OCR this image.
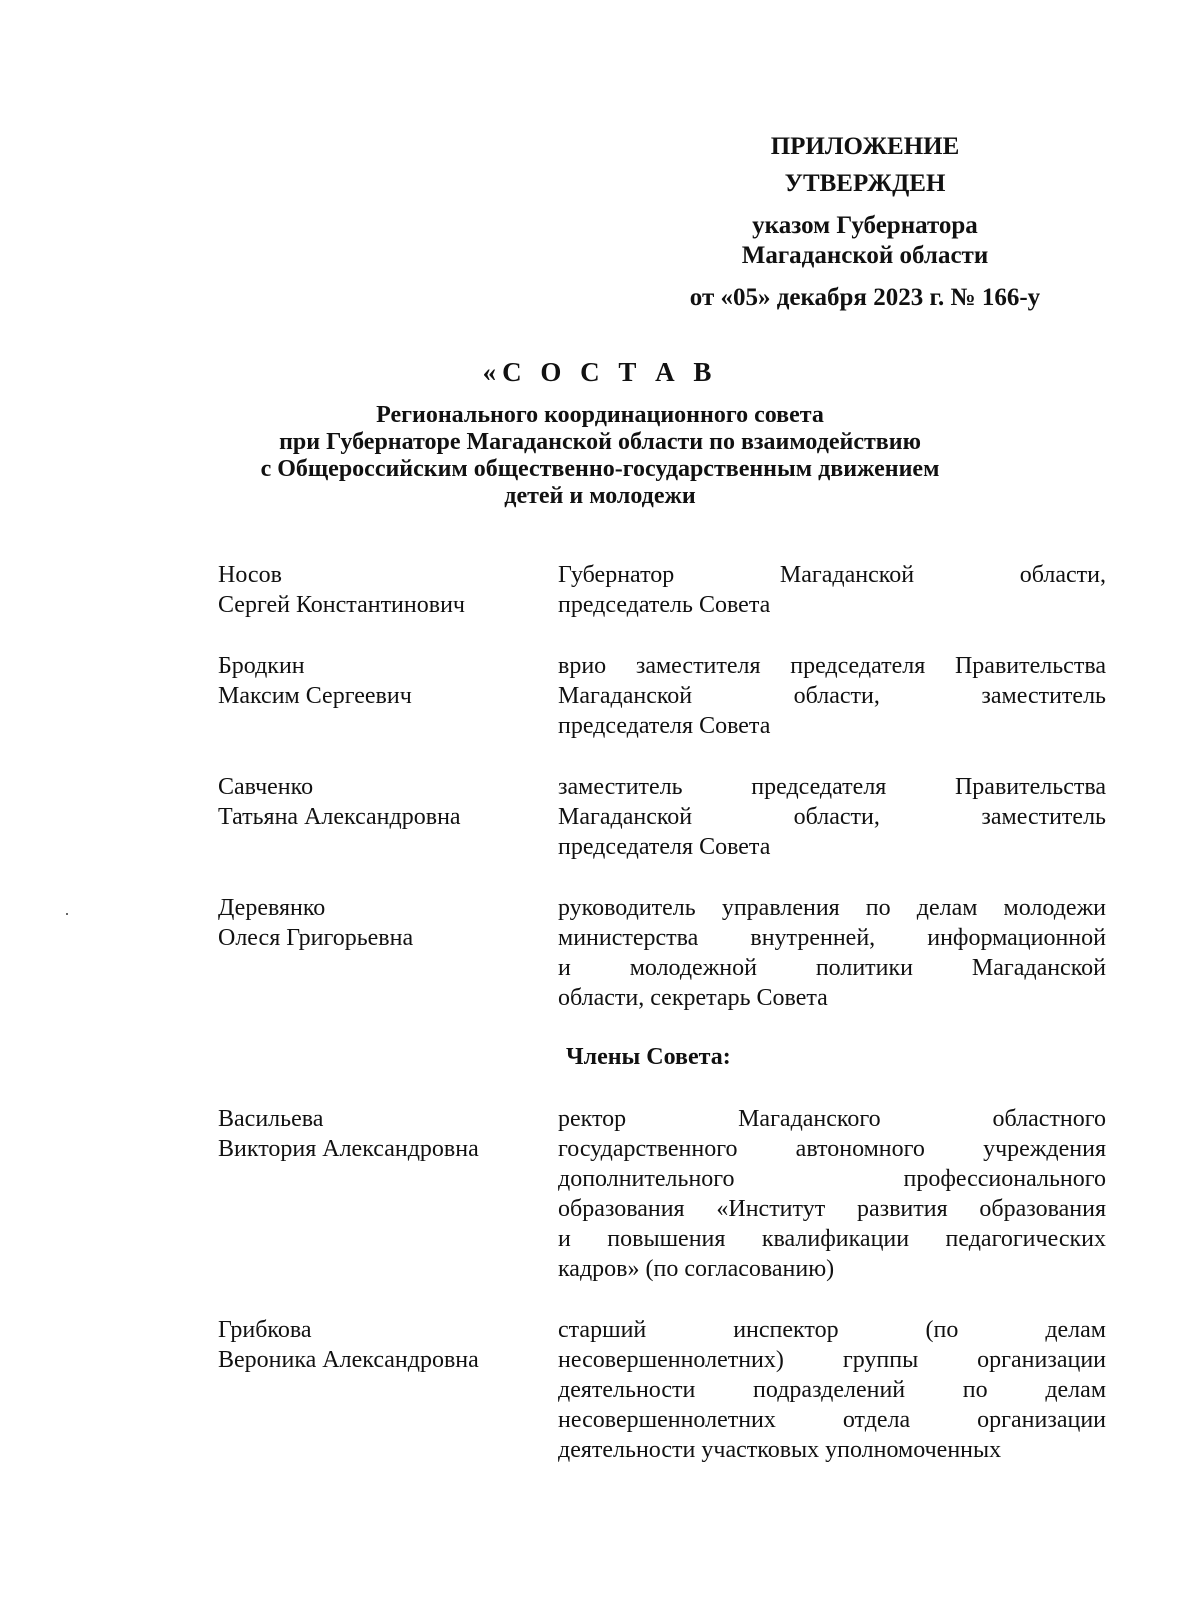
ПРИЛОЖЕНИЕ
УТВЕРЖДЕН
указом Губернатора
Магаданской области
от «05» декабря 2023 г. № 166-у
«С О С Т А В
Регионального координационного совета
при Губернаторе Магаданской области по взаимодействию
с Общероссийским общественно-государственным движением
детей и молодежи
Носов
Сергей Константинович
Губернатор Магаданской области,
председатель Совета
Бродкин
Максим Сергеевич
врио заместителя председателя Правительства
Магаданской области, заместитель
председателя Совета
Савченко
Татьяна Александровна
заместитель председателя Правительства
Магаданской области, заместитель
председателя Совета
Деревянко
Олеся Григорьевна
руководитель управления по делам молодежи
министерства внутренней, информационной
и молодежной политики Магаданской
области, секретарь Совета
Члены Совета:
Васильева
Виктория Александровна
ректор Магаданского областного
государственного автономного учреждения
дополнительного профессионального
образования «Институт развития образования
и повышения квалификации педагогических
кадров» (по согласованию)
Грибкова
Вероника Александровна
старший инспектор (по делам
несовершеннолетних) группы организации
деятельности подразделений по делам
несовершеннолетних отдела организации
деятельности участковых уполномоченных
